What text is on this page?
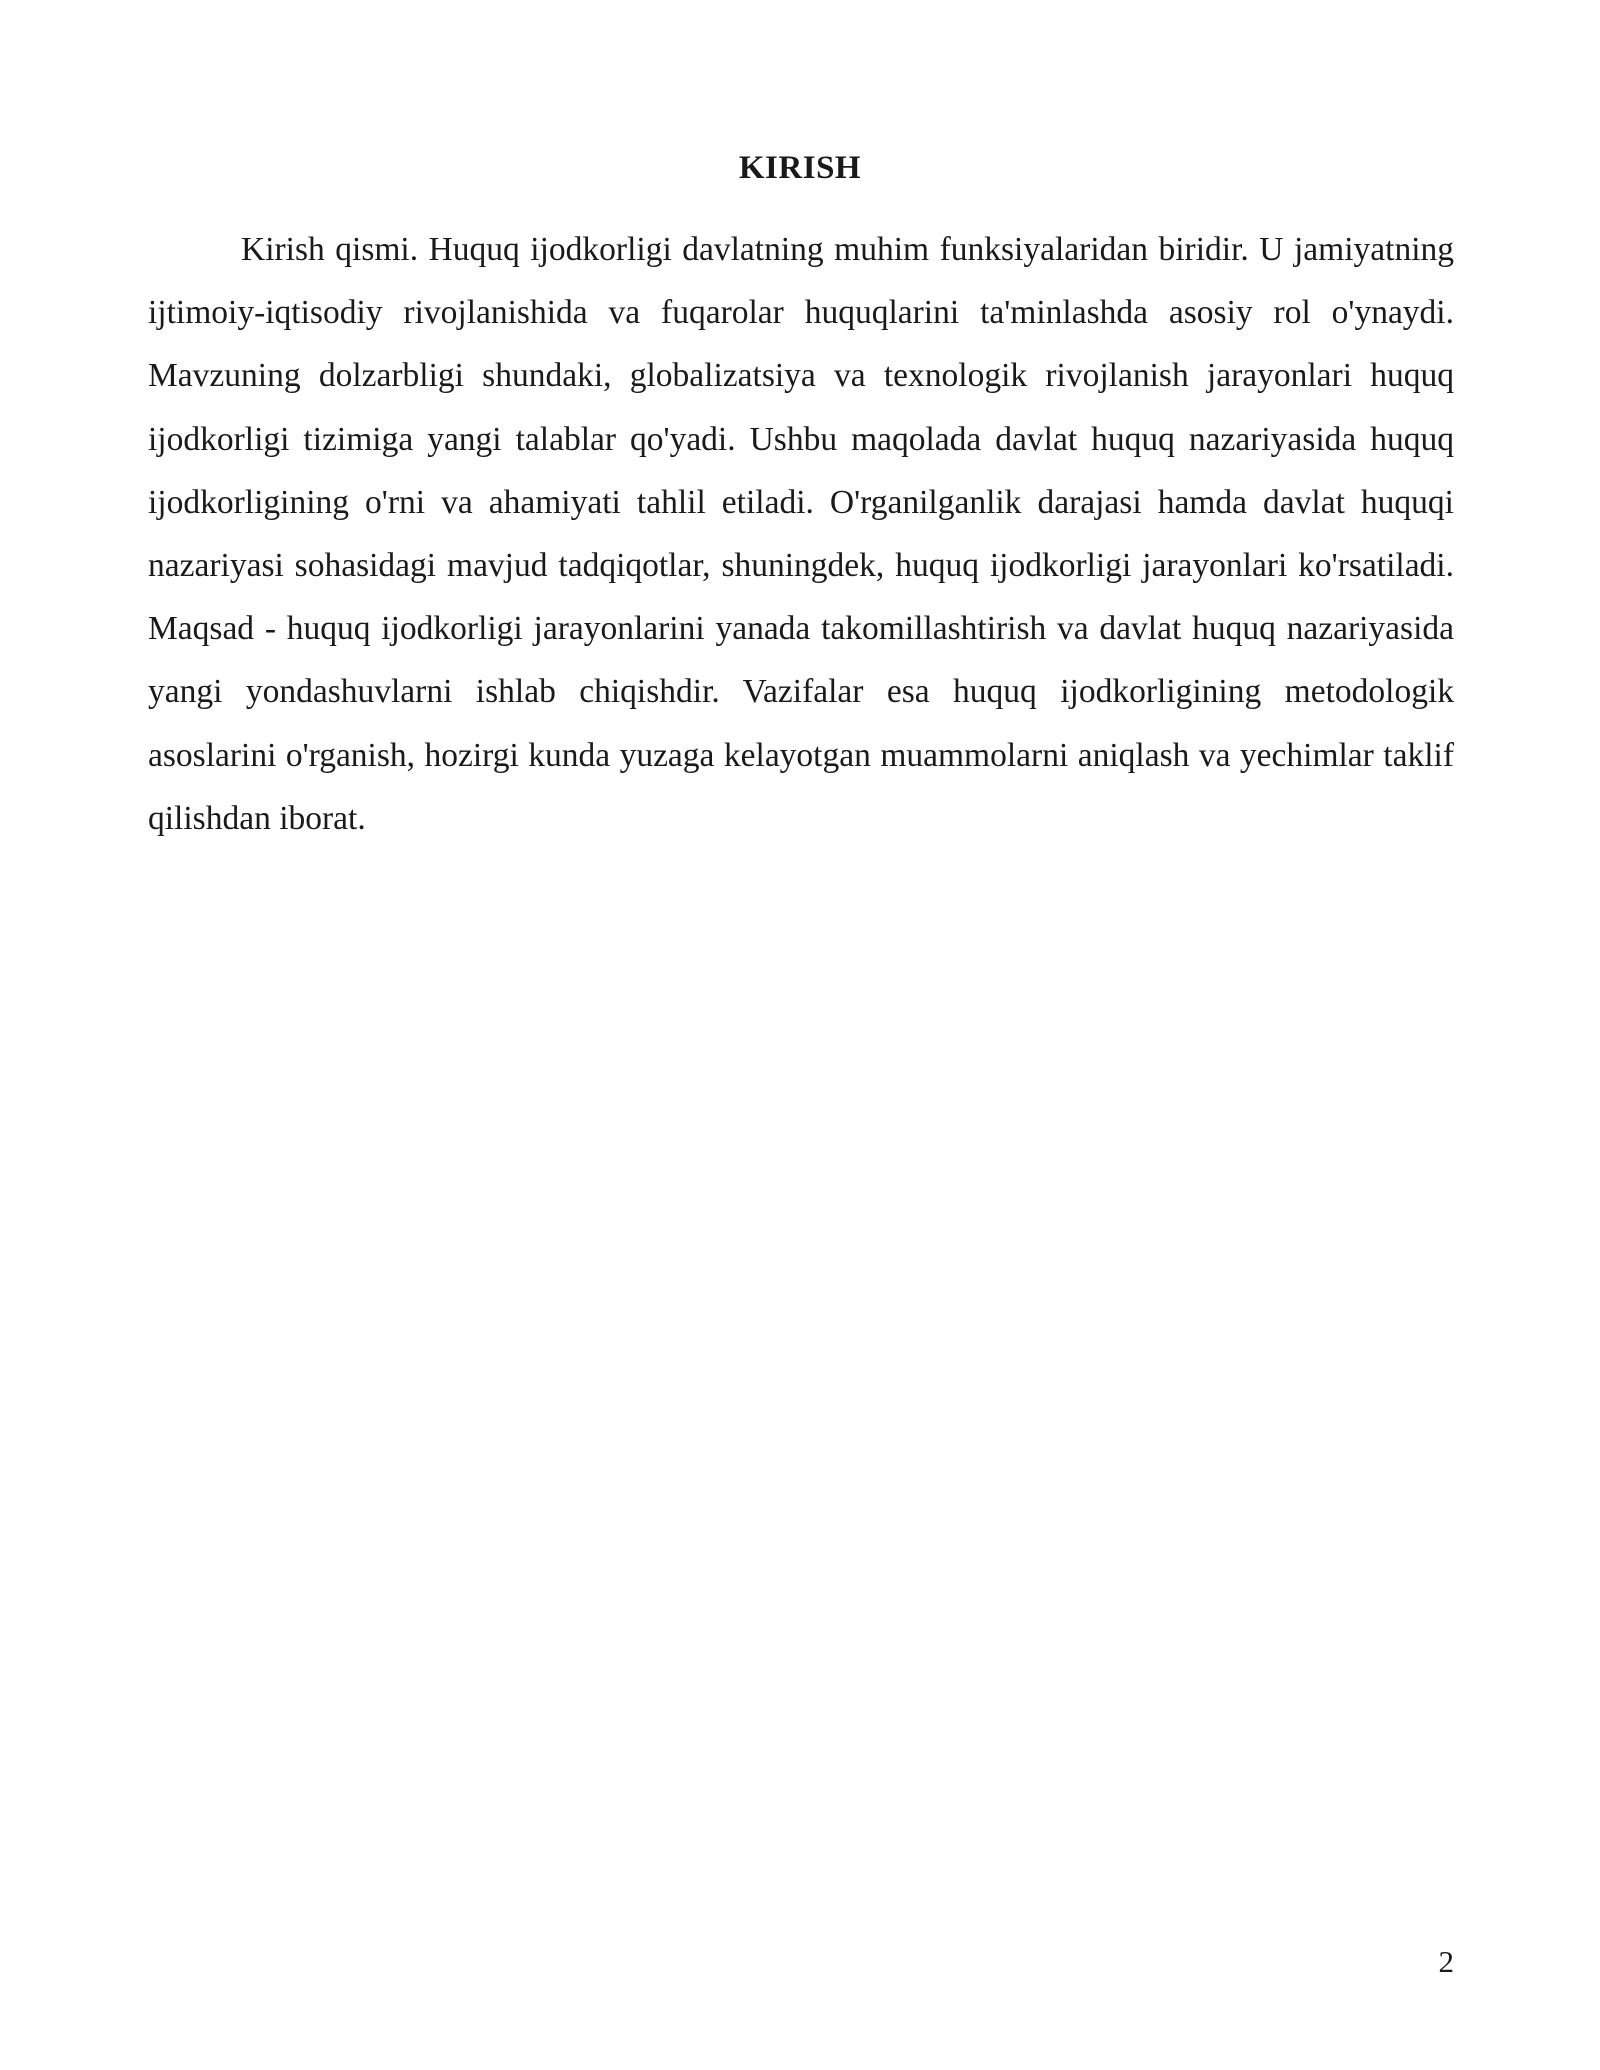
KIRISH

Kirish qismi. Huquq ijodkorligi davlatning muhim funksiyalaridan biridir. U jamiyatning ijtimoiy-iqtisodiy rivojlanishida va fuqarolar huquqlarini ta'minlashda asosiy rol o'ynaydi. Mavzuning dolzarbligi shundaki, globalizatsiya va texnologik rivojlanish jarayonlari huquq ijodkorligi tizimiga yangi talablar qo'yadi. Ushbu maqolada davlat huquq nazariyasida huquq ijodkorligining o'rni va ahamiyati tahlil etiladi. O'rganilganlik darajasi hamda davlat huquqi nazariyasi sohasidagi mavjud tadqiqotlar, shuningdek, huquq ijodkorligi jarayonlari ko'rsatiladi. Maqsad - huquq ijodkorligi jarayonlarini yanada takomillashtirish va davlat huquq nazariyasida yangi yondashuvlarni ishlab chiqishdir. Vazifalar esa huquq ijodkorligining metodologik asoslarini o'rganish, hozirgi kunda yuzaga kelayotgan muammolarni aniqlash va yechimlar taklif qilishdan iborat.

2
